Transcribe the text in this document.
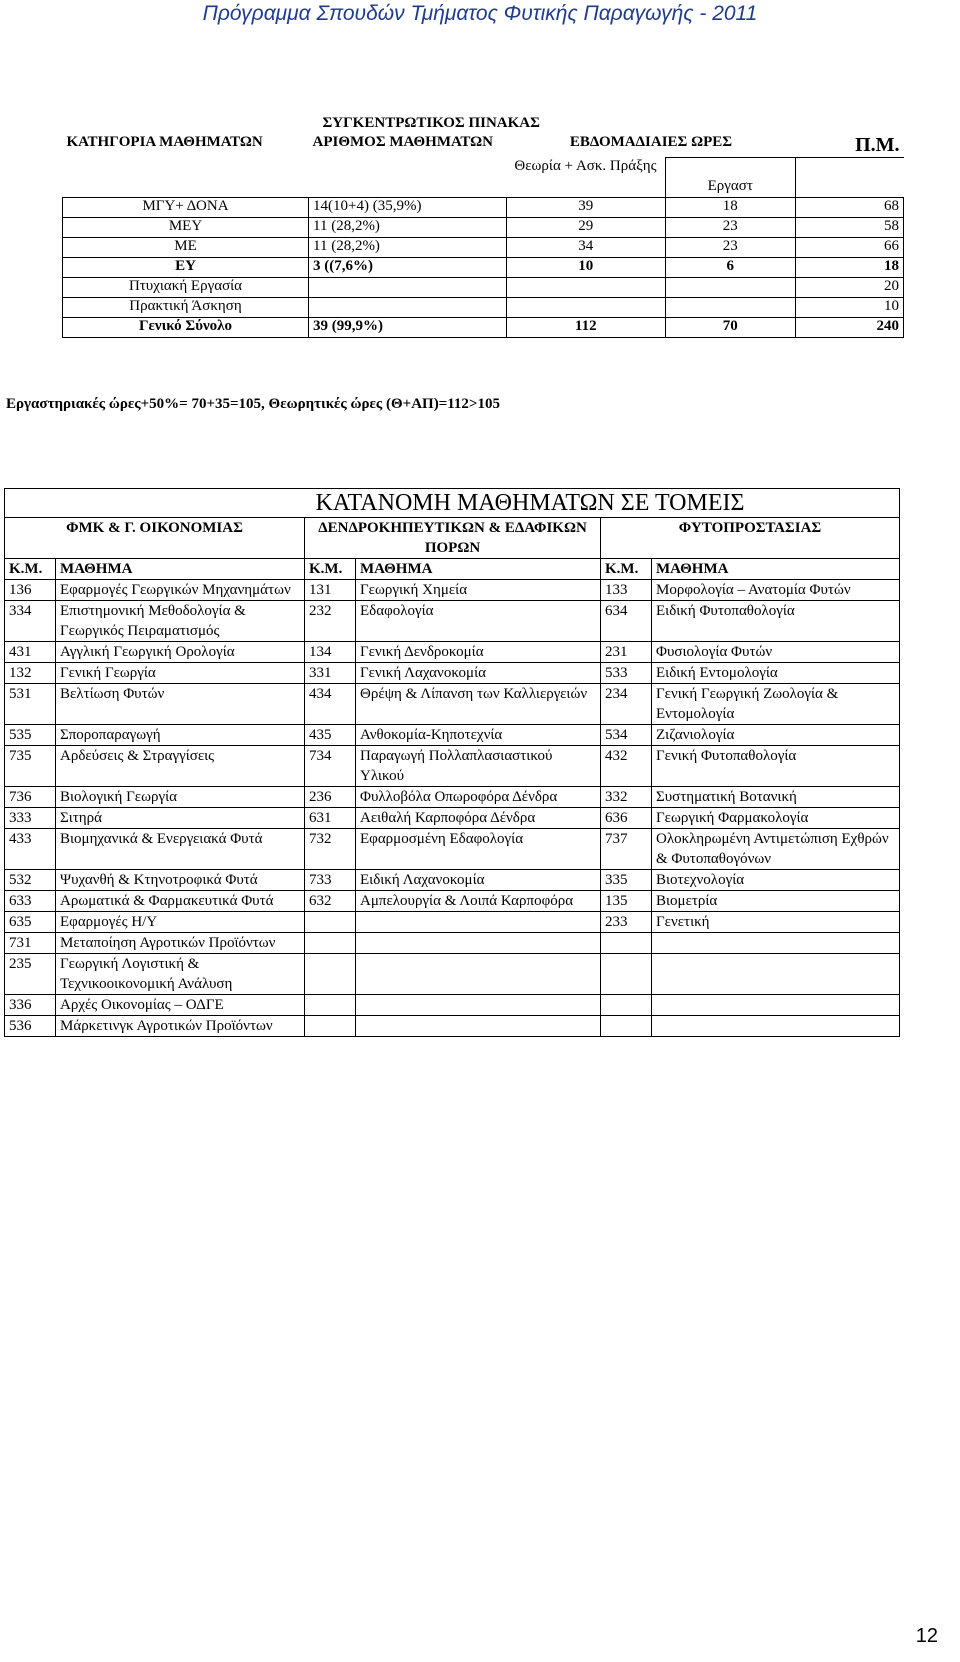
Πρόγραμμα Σπουδών Τμήματος Φυτικής Παραγωγής - 2011
	ΣΥΓΚΕΝΤΡΩΤΙΚΟΣ ΠΙΝΑΚΑΣ			
ΚΑΤΗΓΟΡΙΑ ΜΑΘΗΜΑΤΩΝ	ΑΡΙΘΜΟΣ ΜΑΘΗΜΑΤΩΝ	ΕΒΔΟΜΑΔΙΑΙΕΣ ΩΡΕΣ		Π.Μ.
		Θεωρία + Ασκ. Πράξης	Εργαστ	
ΜΓΥ+ ΔΟΝΑ	14(10+4) (35,9%)	39	18	68
ΜΕΥ	11 (28,2%)	29	23	58
ΜΕ	11 (28,2%)	34	23	66
ΕΥ	3 ((7,6%)	10	6	18
Πτυχιακή Εργασία				20
Πρακτική Άσκηση				10
Γενικό Σύνολο	39 (99,9%)	112	70	240
Εργαστηριακές ώρες+50%= 70+35=105, Θεωρητικές ώρες (Θ+ΑΠ)=112>105
ΚΑΤΑΝΟΜΗ ΜΑΘΗΜΑΤΩΝ ΣΕ ΤΟΜΕΙΣ					
ΦΜΚ & Γ. ΟΙΚΟΝΟΜΙΑΣ		ΔΕΝΔΡΟΚΗΠΕΥΤΙΚΩΝ & ΕΔΑΦΙΚΩΝ ΠΟΡΩΝ		ΦΥΤΟΠΡΟΣΤΑΣΙΑΣ	
Κ.Μ.	ΜΑΘΗΜΑ	Κ.Μ.	ΜΑΘΗΜΑ	Κ.Μ.	ΜΑΘΗΜΑ
136	Εφαρμογές Γεωργικών Μηχανημάτων	131	Γεωργική Χημεία	133	Μορφολογία – Ανατομία Φυτών
334	Επιστημονική Μεθοδολογία & Γεωργικός Πειραματισμός	232	Εδαφολογία	634	Ειδική Φυτοπαθολογία
431	Αγγλική Γεωργική Ορολογία	134	Γενική Δενδροκομία	231	Φυσιολογία Φυτών
132	Γενική Γεωργία	331	Γενική Λαχανοκομία	533	Ειδική Εντομολογία
531	Βελτίωση Φυτών	434	Θρέψη & Λίπανση των Καλλιεργειών	234	Γενική Γεωργική Ζωολογία & Εντομολογία
535	Σποροπαραγωγή	435	Ανθοκομία-Κηποτεχνία	534	Ζιζανιολογία
735	Αρδεύσεις & Στραγγίσεις	734	Παραγωγή Πολλαπλασιαστικού Υλικού	432	Γενική Φυτοπαθολογία
736	Βιολογική Γεωργία	236	Φυλλοβόλα Οπωροφόρα Δένδρα	332	Συστηματική Βοτανική
333	Σιτηρά	631	Αειθαλή Καρποφόρα Δένδρα	636	Γεωργική Φαρμακολογία
433	Βιομηχανικά & Ενεργειακά Φυτά	732	Εφαρμοσμένη Εδαφολογία	737	Ολοκληρωμένη Αντιμετώπιση Εχθρών & Φυτοπαθογόνων
532	Ψυχανθή & Κτηνοτροφικά Φυτά	733	Ειδική Λαχανοκομία	335	Βιοτεχνολογία
633	Αρωματικά & Φαρμακευτικά Φυτά	632	Αμπελουργία & Λοιπά Καρποφόρα	135	Βιομετρία
635	Εφαρμογές Η/Υ			233	Γενετική
731	Μεταποίηση Αγροτικών Προϊόντων				
235	Γεωργική Λογιστική & Τεχνικοοικονομική Ανάλυση				
336	Αρχές Οικονομίας – ΟΔΓΕ				
536	Μάρκετινγκ Αγροτικών Προϊόντων				
12
